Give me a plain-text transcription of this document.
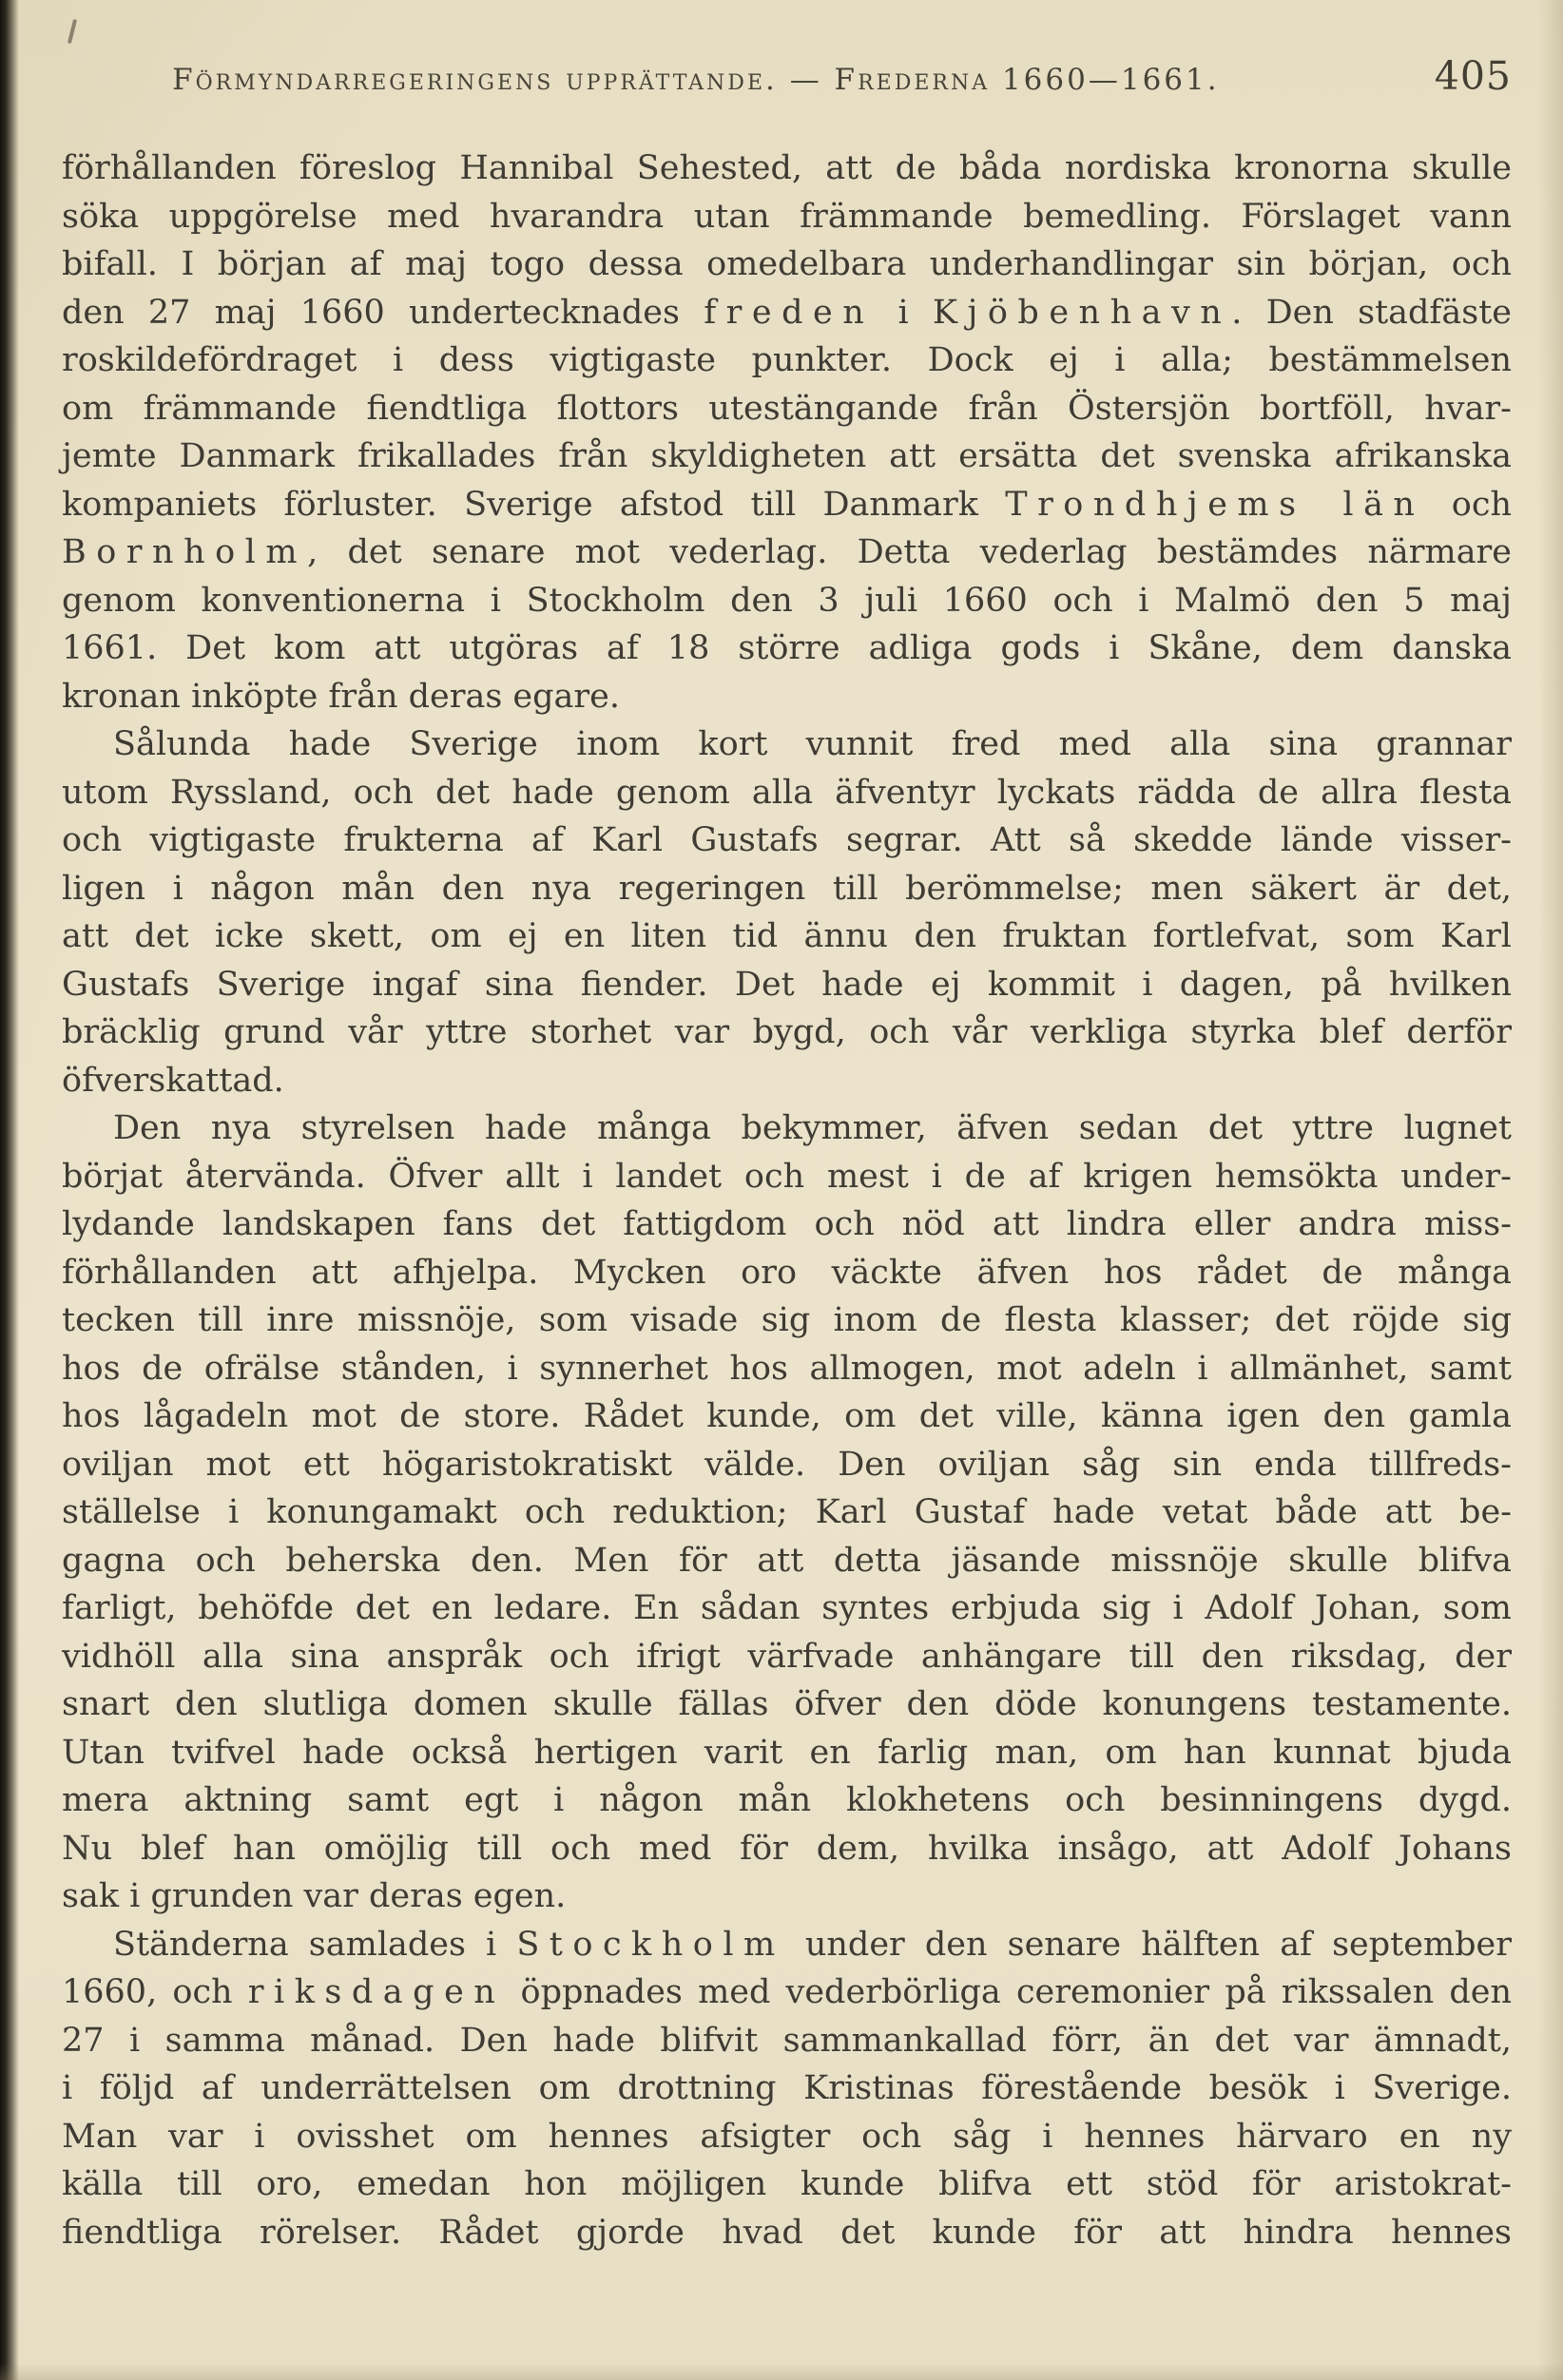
Förmyndarregeringens upprättande. — Frederna 1660—1661.	405
förhållanden föreslog Hannibal Sehested, att de båda nordiska kronorna skulle
söka uppgörelse med hvarandra utan främmande bemedling. Förslaget vann
bifall. I början af maj togo dessa omedelbara underhandlingar sin början, och
den 27 maj 1660 undertecknades freden i Kjöbenhavn. Den stadfäste
roskildefördraget i dess vigtigaste punkter. Dock ej i alla; bestämmelsen
om främmande fiendtliga flottors utestängande från Östersjön bortföll, hvar-
jemte Danmark frikallades från skyldigheten att ersätta det svenska afrikanska
kompaniets förluster. Sverige afstod till Danmark Trondhjems län och
Bornholm, det senare mot vederlag. Detta vederlag bestämdes närmare
genom konventionerna i Stockholm den 3 juli 1660 och i Malmö den 5 maj
1661. Det kom att utgöras af 18 större adliga gods i Skåne, dem danska
kronan inköpte från deras egare.
Sålunda hade Sverige inom kort vunnit fred med alla sina grannar
utom Ryssland, och det hade genom alla äfventyr lyckats rädda de allra flesta
och vigtigaste frukterna af Karl Gustafs segrar. Att så skedde lände visser-
ligen i någon mån den nya regeringen till berömmelse; men säkert är det,
att det icke skett, om ej en liten tid ännu den fruktan fortlefvat, som Karl
Gustafs Sverige ingaf sina fiender. Det hade ej kommit i dagen, på hvilken
bräcklig grund vår yttre storhet var bygd, och vår verkliga styrka blef derför
öfverskattad.
Den nya styrelsen hade många bekymmer, äfven sedan det yttre lugnet
börjat återvända. Öfver allt i landet och mest i de af krigen hemsökta under-
lydande landskapen fans det fattigdom och nöd att lindra eller andra miss-
förhållanden att afhjelpa. Mycken oro väckte äfven hos rådet de många
tecken till inre missnöje, som visade sig inom de flesta klasser; det röjde sig
hos de ofrälse stånden, i synnerhet hos allmogen, mot adeln i allmänhet, samt
hos lågadeln mot de store. Rådet kunde, om det ville, känna igen den gamla
oviljan mot ett högaristokratiskt välde. Den oviljan såg sin enda tillfreds-
ställelse i konungamakt och reduktion; Karl Gustaf hade vetat både att be-
gagna och beherska den. Men för att detta jäsande missnöje skulle blifva
farligt, behöfde det en ledare. En sådan syntes erbjuda sig i Adolf Johan, som
vidhöll alla sina anspråk och ifrigt värfvade anhängare till den riksdag, der
snart den slutliga domen skulle fällas öfver den döde konungens testamente.
Utan tvifvel hade också hertigen varit en farlig man, om han kunnat bjuda
mera aktning samt egt i någon mån klokhetens och besinningens dygd.
Nu blef han omöjlig till och med för dem, hvilka insågo, att Adolf Johans
sak i grunden var deras egen.
Ständerna samlades i Stockholm under den senare hälften af september
1660, och riksdagen öppnades med vederbörliga ceremonier på rikssalen den
27 i samma månad. Den hade blifvit sammankallad förr, än det var ämnadt,
i följd af underrättelsen om drottning Kristinas förestående besök i Sverige.
Man var i ovisshet om hennes afsigter och såg i hennes härvaro en ny
källa till oro, emedan hon möjligen kunde blifva ett stöd för aristokrat-
fiendtliga rörelser. Rådet gjorde hvad det kunde för att hindra hennes
